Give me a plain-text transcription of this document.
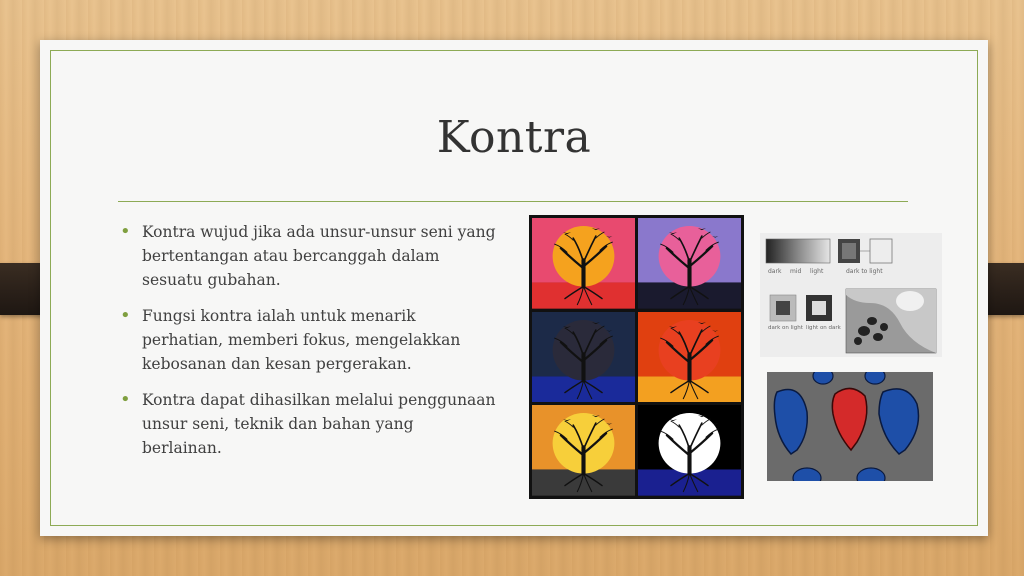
Kontra
• Kontra wujud jika ada unsur-unsur seni yang bertentangan atau bercanggah dalam sesuatu gubahan.
• Fungsi kontra ialah untuk menarik perhatian, memberi fokus, mengelakkan kebosanan dan kesan pergerakan.
• Kontra dapat dihasilkan melalui penggunaan unsur seni, teknik dan bahan yang berlainan.
dark mid light	dark to light
dark on light light on dark
